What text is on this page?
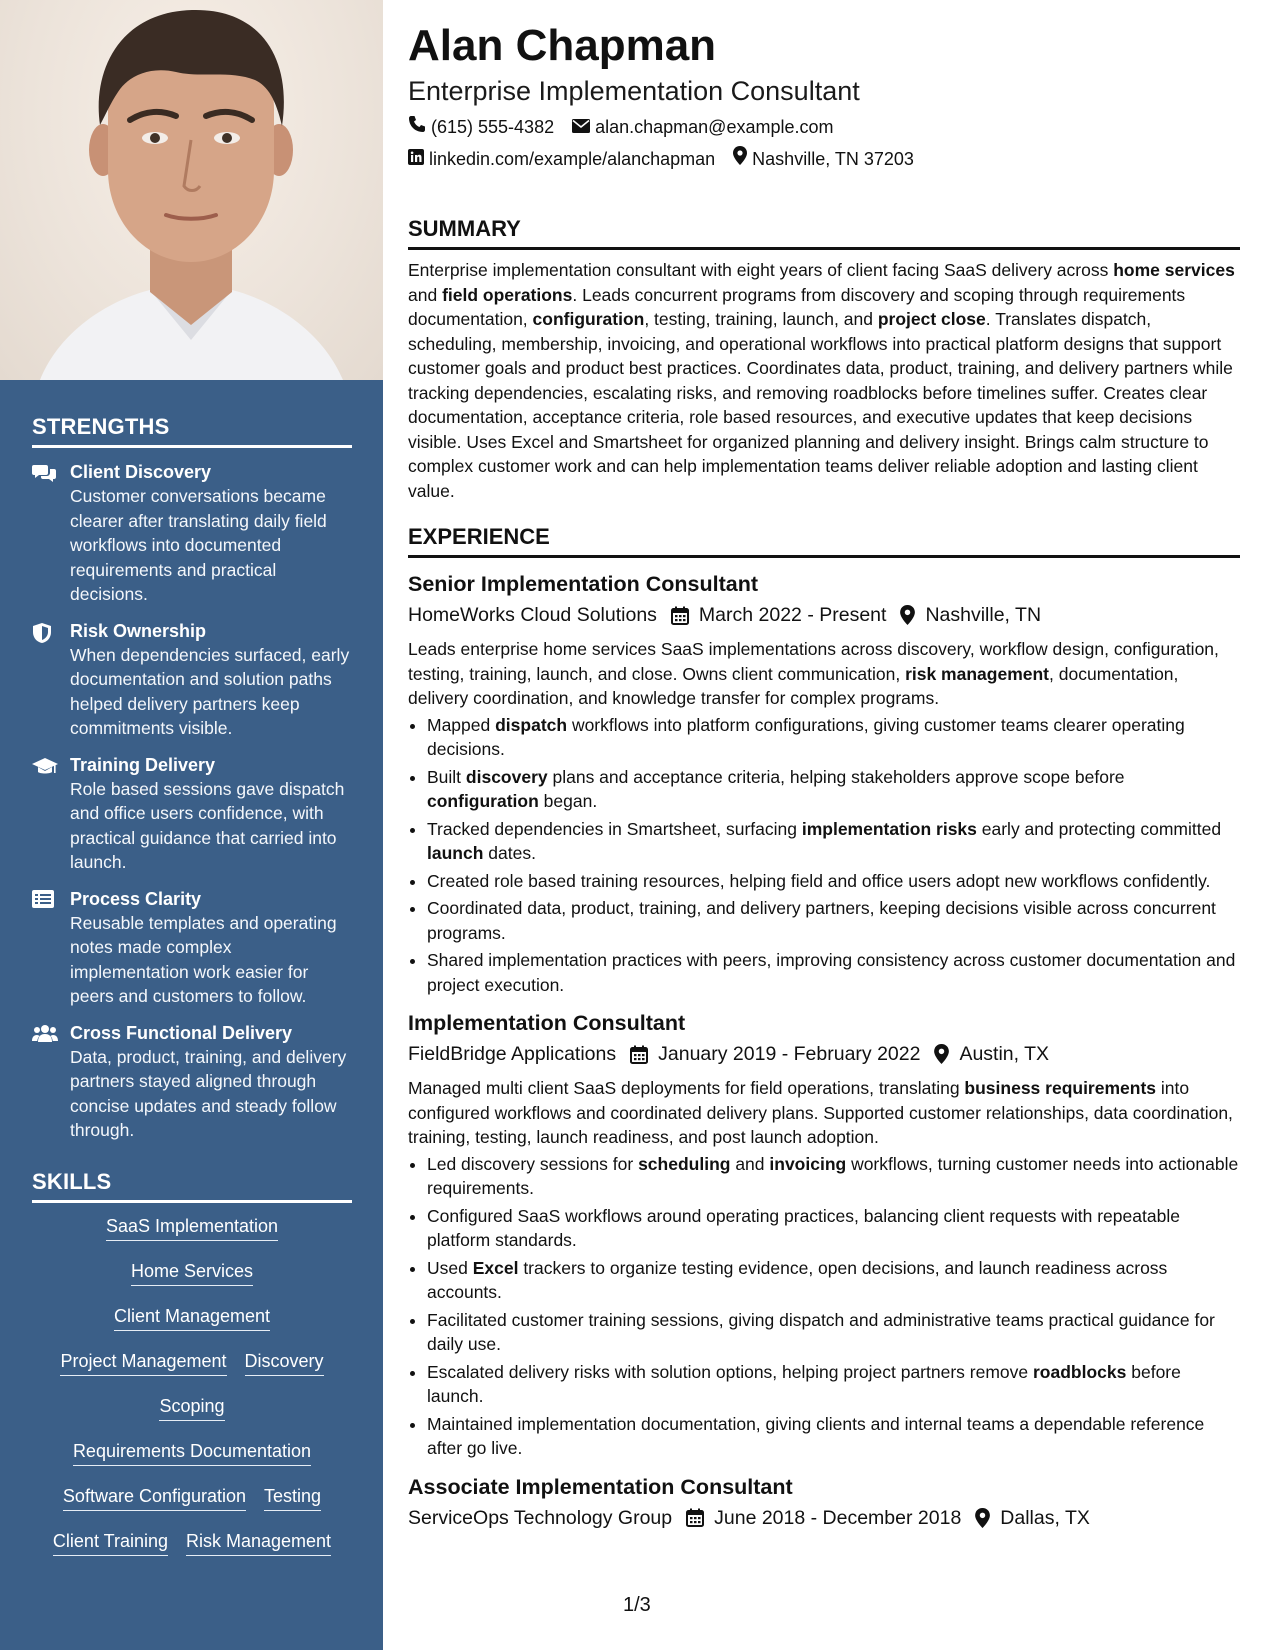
STRENGTHS
Client Discovery
Customer conversations became clearer after translating daily field workflows into documented requirements and practical decisions.
Risk Ownership
When dependencies surfaced, early documentation and solution paths helped delivery partners keep commitments visible.
Training Delivery
Role based sessions gave dispatch and office users confidence, with practical guidance that carried into launch.
Process Clarity
Reusable templates and operating notes made complex implementation work easier for peers and customers to follow.
Cross Functional Delivery
Data, product, training, and delivery partners stayed aligned through concise updates and steady follow through.
SKILLS
SaaS Implementation
Home Services
Client Management
Project Management Discovery
Scoping
Requirements Documentation
Software Configuration Testing
Client Training Risk Management
Alan Chapman
Enterprise Implementation Consultant
(615) 555-4382 alan.chapman@example.com
linkedin.com/example/alanchapman Nashville, TN 37203
SUMMARY
Enterprise implementation consultant with eight years of client facing SaaS delivery across home services and field operations. Leads concurrent programs from discovery and scoping through requirements documentation, configuration, testing, training, launch, and project close. Translates dispatch, scheduling, membership, invoicing, and operational workflows into practical platform designs that support customer goals and product best practices. Coordinates data, product, training, and delivery partners while tracking dependencies, escalating risks, and removing roadblocks before timelines suffer. Creates clear documentation, acceptance criteria, role based resources, and executive updates that keep decisions visible. Uses Excel and Smartsheet for organized planning and delivery insight. Brings calm structure to complex customer work and can help implementation teams deliver reliable adoption and lasting client value.
EXPERIENCE
Senior Implementation Consultant
HomeWorks Cloud Solutions March 2022 - Present Nashville, TN
Leads enterprise home services SaaS implementations across discovery, workflow design, configuration, testing, training, launch, and close. Owns client communication, risk management, documentation, delivery coordination, and knowledge transfer for complex programs.
• Mapped dispatch workflows into platform configurations, giving customer teams clearer operating decisions.
• Built discovery plans and acceptance criteria, helping stakeholders approve scope before configuration began.
• Tracked dependencies in Smartsheet, surfacing implementation risks early and protecting committed launch dates.
• Created role based training resources, helping field and office users adopt new workflows confidently.
• Coordinated data, product, training, and delivery partners, keeping decisions visible across concurrent programs.
• Shared implementation practices with peers, improving consistency across customer documentation and project execution.
Implementation Consultant
FieldBridge Applications January 2019 - February 2022 Austin, TX
Managed multi client SaaS deployments for field operations, translating business requirements into configured workflows and coordinated delivery plans. Supported customer relationships, data coordination, training, testing, launch readiness, and post launch adoption.
• Led discovery sessions for scheduling and invoicing workflows, turning customer needs into actionable requirements.
• Configured SaaS workflows around operating practices, balancing client requests with repeatable platform standards.
• Used Excel trackers to organize testing evidence, open decisions, and launch readiness across accounts.
• Facilitated customer training sessions, giving dispatch and administrative teams practical guidance for daily use.
• Escalated delivery risks with solution options, helping project partners remove roadblocks before launch.
• Maintained implementation documentation, giving clients and internal teams a dependable reference after go live.
Associate Implementation Consultant
ServiceOps Technology Group June 2018 - December 2018 Dallas, TX
1/3
